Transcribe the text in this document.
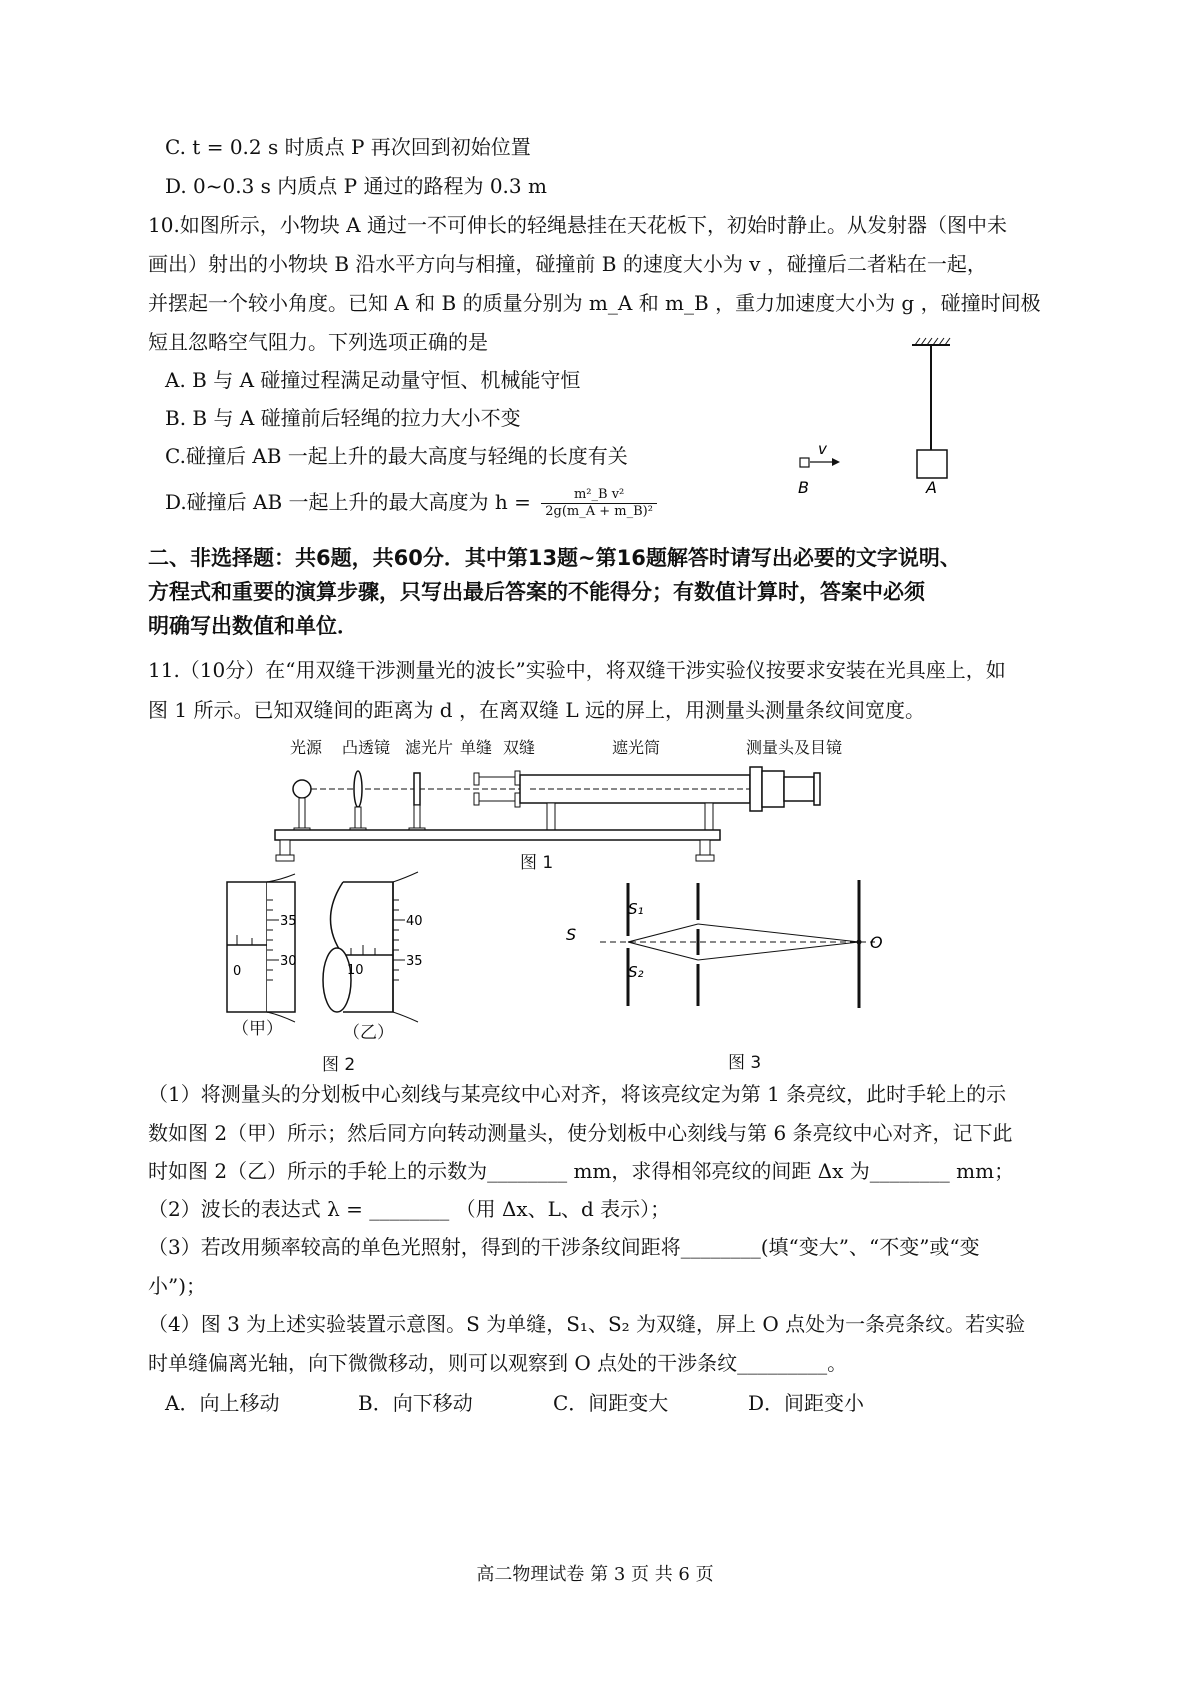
C. t = 0.2 s 时质点 P 再次回到初始位置
D. 0~0.3 s 内质点 P 通过的路程为 0.3 m
10.如图所示，小物块 A 通过一不可伸长的轻绳悬挂在天花板下，初始时静止。从发射器（图中未
画出）射出的小物块 B 沿水平方向与相撞，碰撞前 B 的速度大小为 v ，碰撞后二者粘在一起，
并摆起一个较小角度。已知 A 和 B 的质量分别为 m_A 和 m_B ，重力加速度大小为 g ，碰撞时间极
短且忽略空气阻力。下列选项正确的是
A. B 与 A 碰撞过程满足动量守恒、机械能守恒
B. B 与 A 碰撞前后轻绳的拉力大小不变
C.碰撞后 AB 一起上升的最大高度与轻绳的长度有关
D.碰撞后 AB 一起上升的最大高度为 $h = \frac{\text{m²\_B v²}}{\text{2g(m\_A + m\_B)²}}$
v
B	A
二、非选择题：共6题，共60分．其中第13题~第16题解答时请写出必要的文字说明、
方程式和重要的演算步骤，只写出最后答案的不能得分；有数值计算时，答案中必须
明确写出数值和单位．
11.（10分）在“用双缝干涉测量光的波长”实验中，将双缝干涉实验仪按要求安装在光具座上，如
图 1 所示。已知双缝间的距离为 d ，在离双缝 L 远的屏上，用测量头测量条纹间宽度。
光源 凸透镜 滤光片 单缝 双缝	遮光筒	测量头及目镜
图 1
35
30
0
40
35
10
（甲）	（乙）
图 2
S
S₁
S₂
O
图 3
（1）将测量头的分划板中心刻线与某亮纹中心对齐，将该亮纹定为第 1 条亮纹，此时手轮上的示
数如图 2（甲）所示；然后同方向转动测量头，使分划板中心刻线与第 6 条亮纹中心对齐，记下此
时如图 2（乙）所示的手轮上的示数为________ mm，求得相邻亮纹的间距 Δx 为________ mm；
（2）波长的表达式 λ = ________ （用 Δx、L、d 表示）；
（3）若改用频率较高的单色光照射，得到的干涉条纹间距将________(填“变大”、“不变”或“变
小”)；
（4）图 3 为上述实验装置示意图。S 为单缝，S₁、S₂ 为双缝，屏上 O 点处为一条亮条纹。若实验
时单缝偏离光轴，向下微微移动，则可以观察到 O 点处的干涉条纹_________。
A．向上移动	B．向下移动	C．间距变大	D．间距变小
高二物理试卷 第 3 页 共 6 页
